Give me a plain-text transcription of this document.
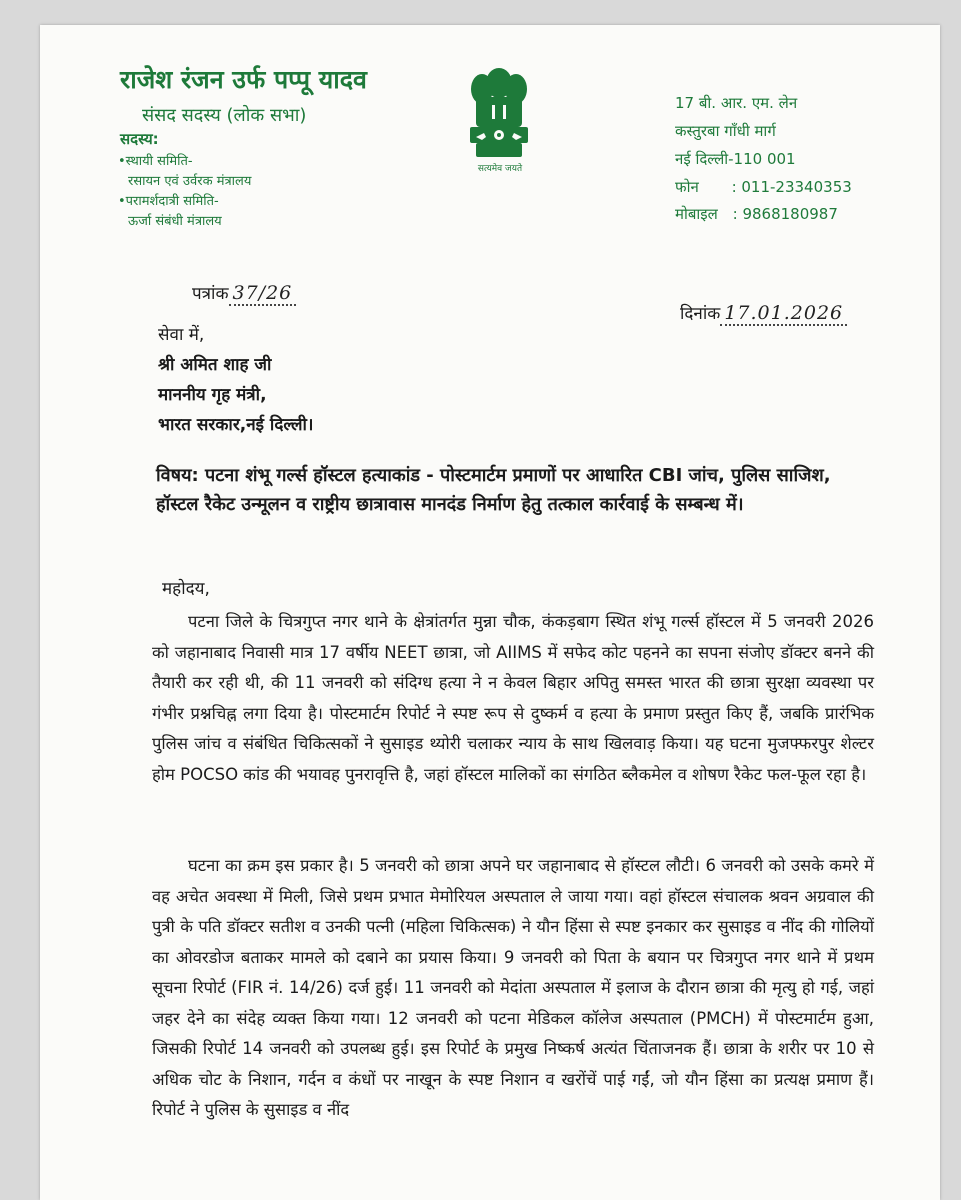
राजेश रंजन उर्फ पप्पू यादव
संसद सदस्य (लोक सभा)
सदस्य:
•स्थायी समिति-
रसायन एवं उर्वरक मंत्रालय
•परामर्शदात्री समिति-
ऊर्जा संबंधी मंत्रालय
सत्यमेव जयते
17 बी. आर. एम. लेन
कस्तुरबा गाँधी मार्ग
नई दिल्ली-110 001
फोन : 011-23340353
मोबाइल : 9868180987
पत्रांक 37/26
दिनांक 17.01.2026
सेवा में,
श्री अमित शाह जी
माननीय गृह मंत्री,
भारत सरकार,नई दिल्ली।
विषय: पटना शंभू गर्ल्स हॉस्टल हत्याकांड - पोस्टमार्टम प्रमाणों पर आधारित CBI जांच, पुलिस साजिश, हॉस्टल रैकेट उन्मूलन व राष्ट्रीय छात्रावास मानदंड निर्माण हेतु तत्काल कार्रवाई के सम्बन्ध में।
महोदय,
पटना जिले के चित्रगुप्त नगर थाने के क्षेत्रांतर्गत मुन्ना चौक, कंकड़बाग स्थित शंभू गर्ल्स हॉस्टल में 5 जनवरी 2026 को जहानाबाद निवासी मात्र 17 वर्षीय NEET छात्रा, जो AIIMS में सफेद कोट पहनने का सपना संजोए डॉक्टर बनने की तैयारी कर रही थी, की 11 जनवरी को संदिग्ध हत्या ने न केवल बिहार अपितु समस्त भारत की छात्रा सुरक्षा व्यवस्था पर गंभीर प्रश्नचिह्न लगा दिया है। पोस्टमार्टम रिपोर्ट ने स्पष्ट रूप से दुष्कर्म व हत्या के प्रमाण प्रस्तुत किए हैं, जबकि प्रारंभिक पुलिस जांच व संबंधित चिकित्सकों ने सुसाइड थ्योरी चलाकर न्याय के साथ खिलवाड़ किया। यह घटना मुजफ्फरपुर शेल्टर होम POCSO कांड की भयावह पुनरावृत्ति है, जहां हॉस्टल मालिकों का संगठित ब्लैकमेल व शोषण रैकेट फल-फूल रहा है।
घटना का क्रम इस प्रकार है। 5 जनवरी को छात्रा अपने घर जहानाबाद से हॉस्टल लौटी। 6 जनवरी को उसके कमरे में वह अचेत अवस्था में मिली, जिसे प्रथम प्रभात मेमोरियल अस्पताल ले जाया गया। वहां हॉस्टल संचालक श्रवन अग्रवाल की पुत्री के पति डॉक्टर सतीश व उनकी पत्नी (महिला चिकित्सक) ने यौन हिंसा से स्पष्ट इनकार कर सुसाइड व नींद की गोलियों का ओवरडोज बताकर मामले को दबाने का प्रयास किया। 9 जनवरी को पिता के बयान पर चित्रगुप्त नगर थाने में प्रथम सूचना रिपोर्ट (FIR नं. 14/26) दर्ज हुई। 11 जनवरी को मेदांता अस्पताल में इलाज के दौरान छात्रा की मृत्यु हो गई, जहां जहर देने का संदेह व्यक्त किया गया। 12 जनवरी को पटना मेडिकल कॉलेज अस्पताल (PMCH) में पोस्टमार्टम हुआ, जिसकी रिपोर्ट 14 जनवरी को उपलब्ध हुई। इस रिपोर्ट के प्रमुख निष्कर्ष अत्यंत चिंताजनक हैं। छात्रा के शरीर पर 10 से अधिक चोट के निशान, गर्दन व कंधों पर नाखून के स्पष्ट निशान व खरोंचें पाई गईं, जो यौन हिंसा का प्रत्यक्ष प्रमाण हैं। रिपोर्ट ने पुलिस के सुसाइड व नींद
